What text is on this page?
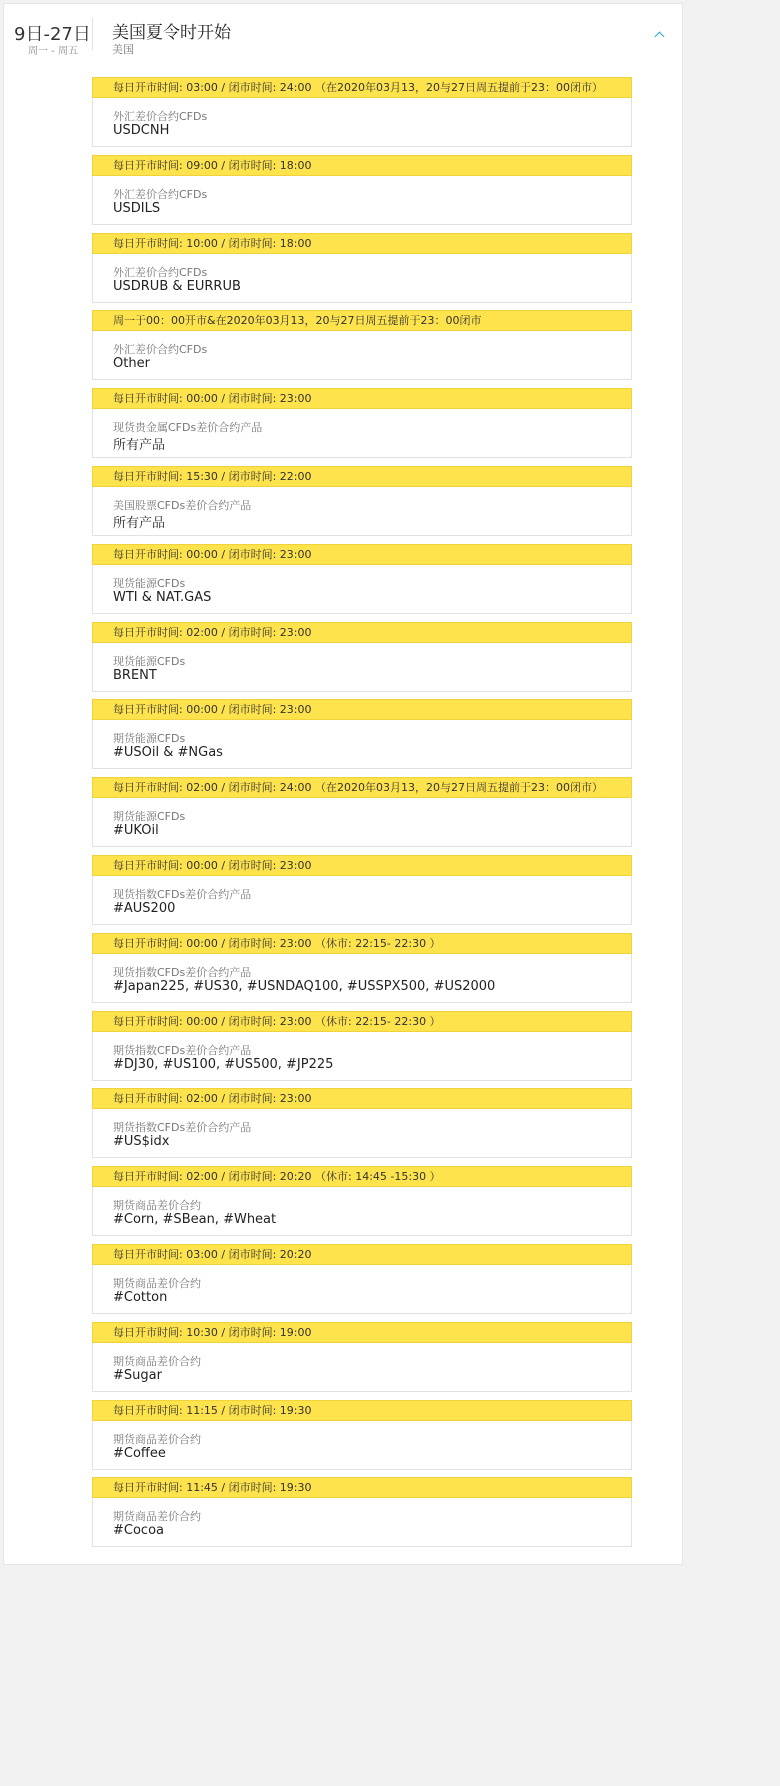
9日-27日
周一 - 周五
美国夏令时开始
美国
每日开市时间: 03:00 / 闭市时间: 24:00 （在2020年03月13，20与27日周五提前于23：00闭市）
外汇差价合约CFDs
USDCNH
每日开市时间: 09:00 / 闭市时间: 18:00
外汇差价合约CFDs
USDILS
每日开市时间: 10:00 / 闭市时间: 18:00
外汇差价合约CFDs
USDRUB & EURRUB
周一于00：00开市&在2020年03月13，20与27日周五提前于23：00闭市
外汇差价合约CFDs
Other
每日开市时间: 00:00 / 闭市时间: 23:00
现货贵金属CFDs差价合约产品
所有产品
每日开市时间: 15:30 / 闭市时间: 22:00
美国股票CFDs差价合约产品
所有产品
每日开市时间: 00:00 / 闭市时间: 23:00
现货能源CFDs
WTI & NAT.GAS
每日开市时间: 02:00 / 闭市时间: 23:00
现货能源CFDs
BRENT
每日开市时间: 00:00 / 闭市时间: 23:00
期货能源CFDs
#USOil & #NGas
每日开市时间: 02:00 / 闭市时间: 24:00 （在2020年03月13，20与27日周五提前于23：00闭市）
期货能源CFDs
#UKOil
每日开市时间: 00:00 / 闭市时间: 23:00
现货指数CFDs差价合约产品
#AUS200
每日开市时间: 00:00 / 闭市时间: 23:00 （休市: 22:15- 22:30 ）
现货指数CFDs差价合约产品
#Japan225, #US30, #USNDAQ100, #USSPX500, #US2000
每日开市时间: 00:00 / 闭市时间: 23:00 （休市: 22:15- 22:30 ）
期货指数CFDs差价合约产品
#DJ30, #US100, #US500, #JP225
每日开市时间: 02:00 / 闭市时间: 23:00
期货指数CFDs差价合约产品
#US$idx
每日开市时间: 02:00 / 闭市时间: 20:20 （休市: 14:45 -15:30 ）
期货商品差价合约
#Corn, #SBean, #Wheat
每日开市时间: 03:00 / 闭市时间: 20:20
期货商品差价合约
#Cotton
每日开市时间: 10:30 / 闭市时间: 19:00
期货商品差价合约
#Sugar
每日开市时间: 11:15 / 闭市时间: 19:30
期货商品差价合约
#Coffee
每日开市时间: 11:45 / 闭市时间: 19:30
期货商品差价合约
#Cocoa
